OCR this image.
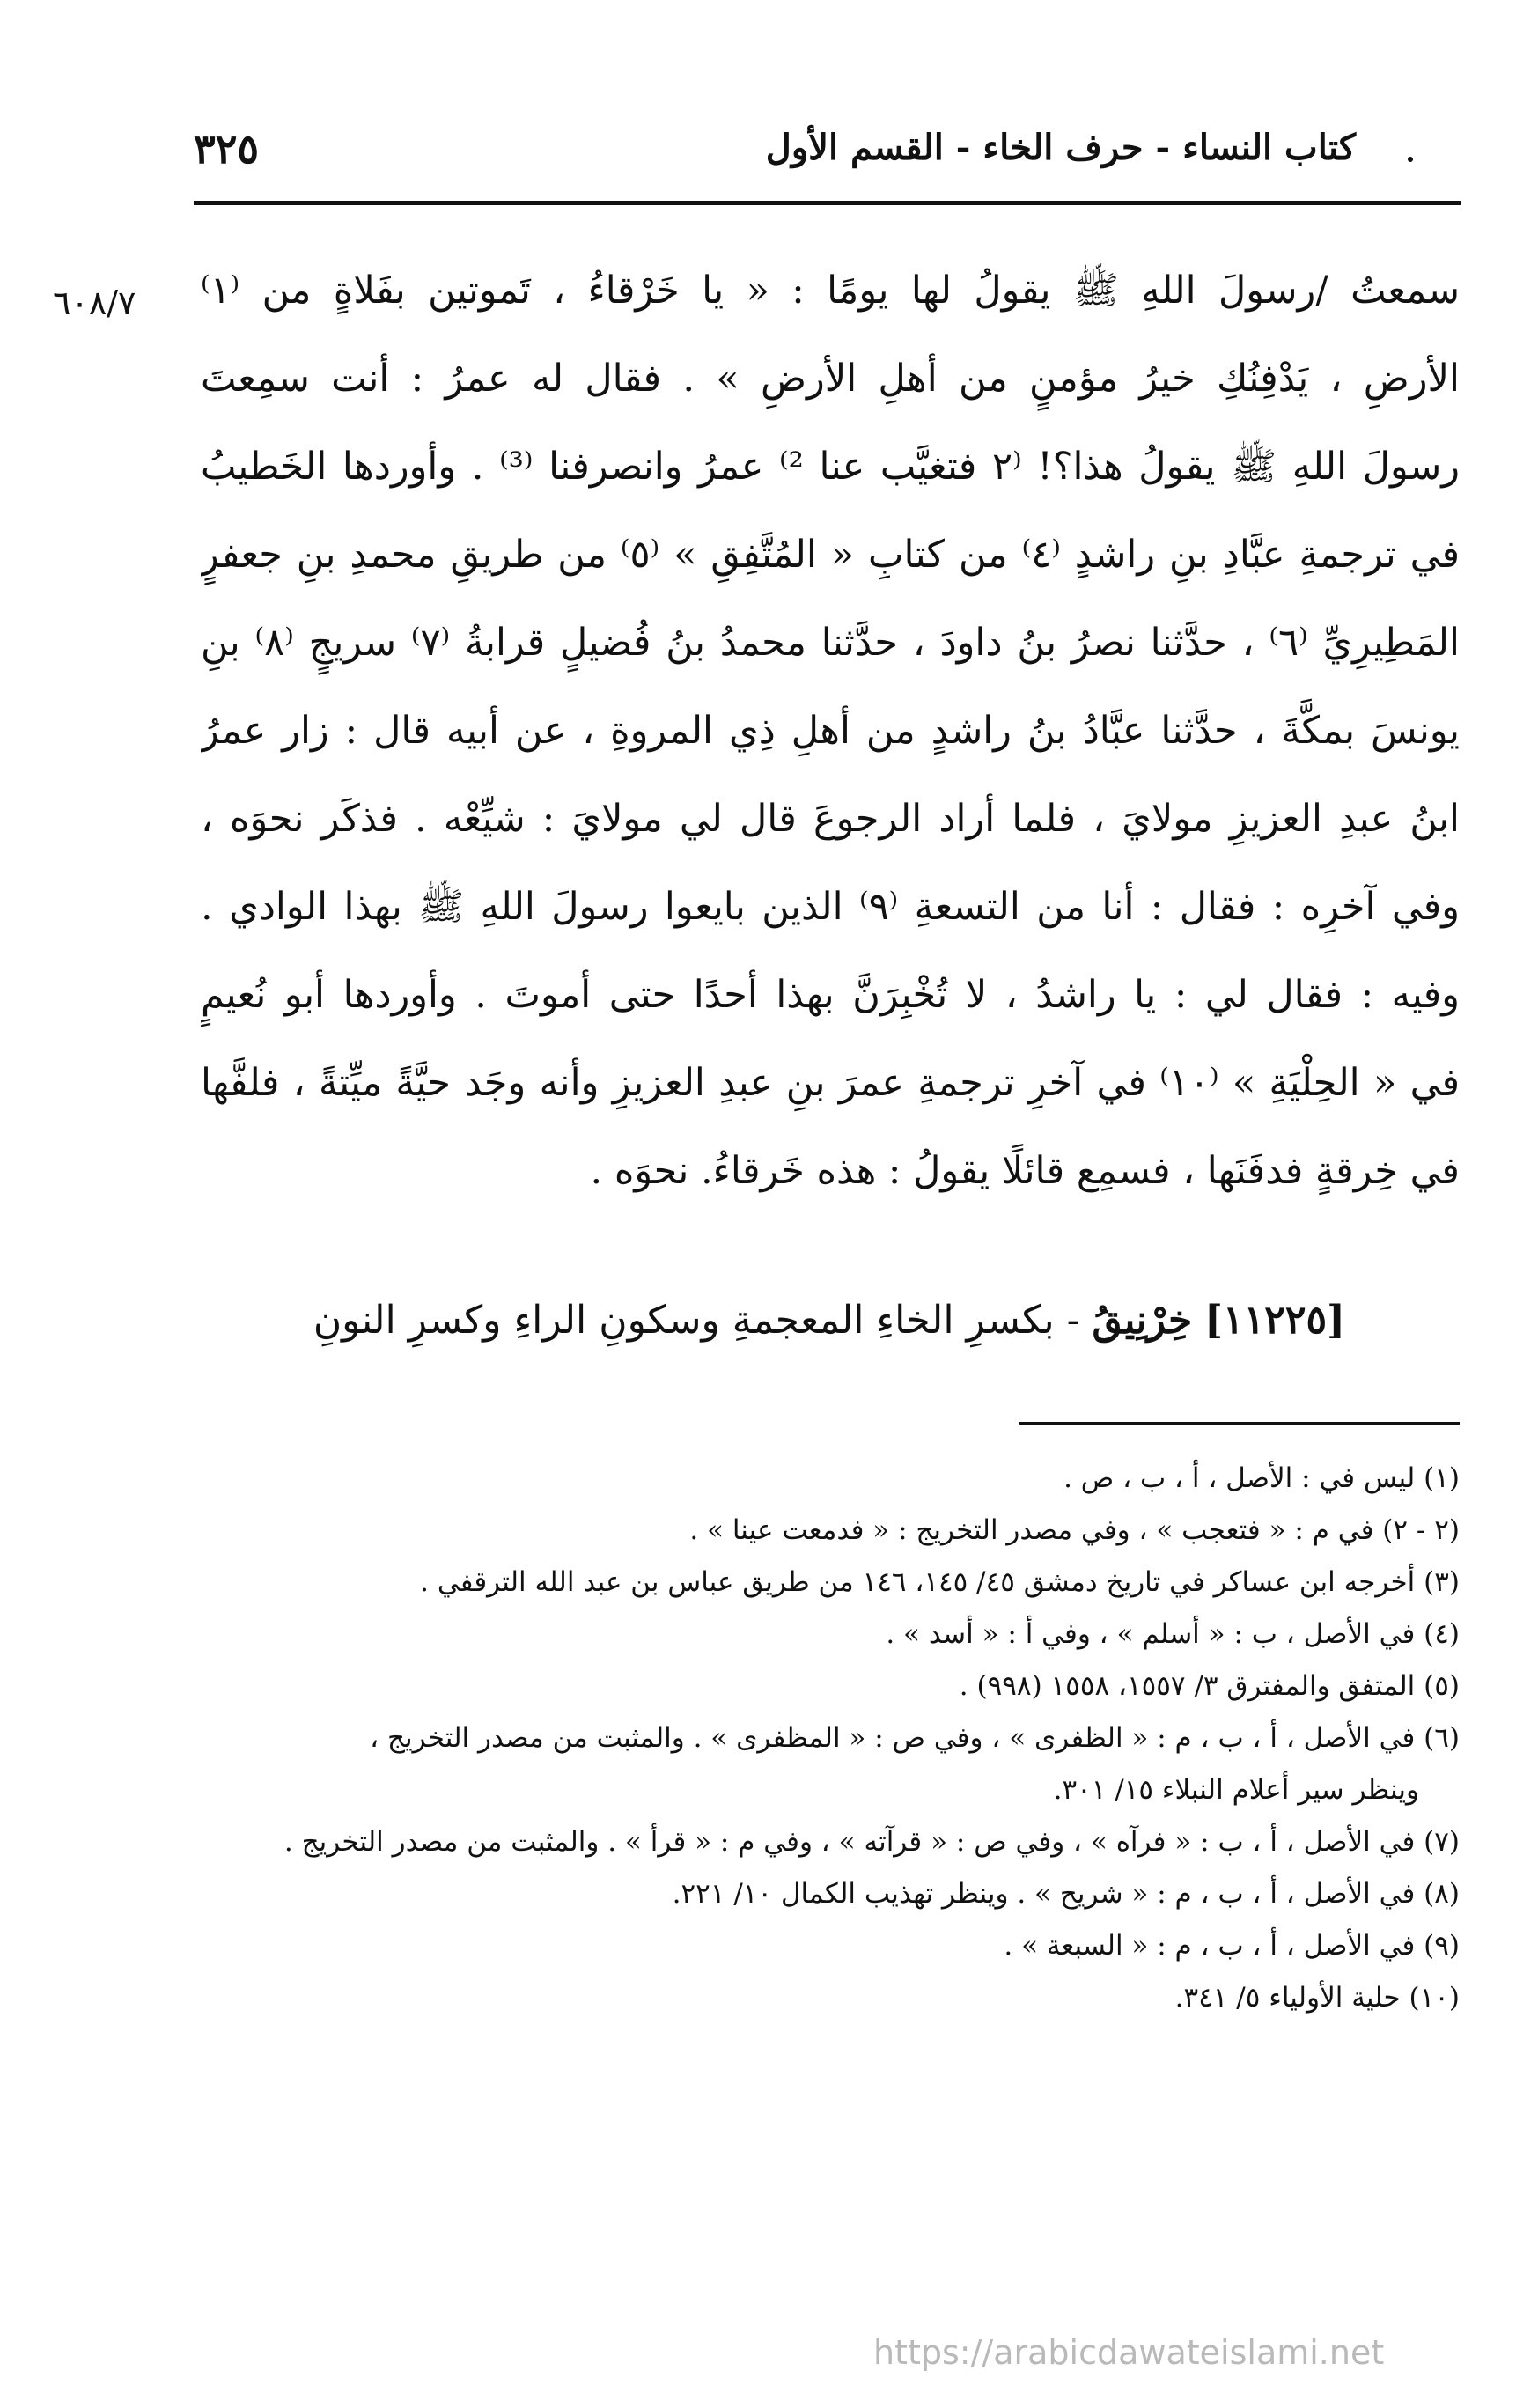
٣٢٥	كتاب النساء - حرف الخاء - القسم الأول
٦٠٨/٧ سمعتُ /رسولَ اللهِ ﷺ يقولُ لها يومًا : « يا خَرْقاءُ ، تَموتين بفَلاةٍ من ⁽١⁾
الأرضِ ، يَدْفِنُكِ خيرُ مؤمنٍ من أهلِ الأرضِ » . فقال له عمرُ : أنت سمِعتَ
رسولَ اللهِ ﷺ يقولُ هذا؟! ⁽٢ فتغيَّب عنا ²⁾ عمرُ وانصرفنا ⁽³⁾ . وأوردها الخَطيبُ
في ترجمةِ عبَّادِ بنِ راشدٍ ⁽٤⁾ من كتابِ « المُتَّفِقِ » ⁽٥⁾ من طريقِ محمدِ بنِ جعفرٍ
المَطِيرِيِّ ⁽٦⁾ ، حدَّثنا نصرُ بنُ داودَ ، حدَّثنا محمدُ بنُ فُضيلٍ قرابةُ ⁽٧⁾ سريجٍ ⁽٨⁾ بنِ
يونسَ بمكَّةَ ، حدَّثنا عبَّادُ بنُ راشدٍ من أهلِ ذِي المروةِ ، عن أبيه قال : زار عمرُ
ابنُ عبدِ العزيزِ مولايَ ، فلما أراد الرجوعَ قال لي مولايَ : شيِّعْه . فذكَر نحوَه ،
وفي آخرِه : فقال : أنا من التسعةِ ⁽٩⁾ الذين بايعوا رسولَ اللهِ ﷺ بهذا الوادي .
وفيه : فقال لي : يا راشدُ ، لا تُخْبِرَنَّ بهذا أحدًا حتى أموتَ . وأوردها أبو نُعيمٍ
في « الحِلْيَةِ » ⁽١٠⁾ في آخرِ ترجمةِ عمرَ بنِ عبدِ العزيزِ وأنه وجَد حيَّةً ميِّتةً ، فلفَّها
في خِرقةٍ فدفَنَها ، فسمِع قائلًا يقولُ : هذه خَرقاءُ. نحوَه .
[١١٢٢٥] خِرْنِيقُ - بكسرِ الخاءِ المعجمةِ وسكونِ الراءِ وكسرِ النونِ
(١) ليس في : الأصل ، أ ، ب ، ص .
(٢ - ٢) في م : « فتعجب » ، وفي مصدر التخريج : « فدمعت عينا » .
(٣) أخرجه ابن عساكر في تاريخ دمشق ٤٥/ ١٤٥، ١٤٦ من طريق عباس بن عبد الله الترقفي .
(٤) في الأصل ، ب : « أسلم » ، وفي أ : « أسد » .
(٥) المتفق والمفترق ٣/ ١٥٥٧، ١٥٥٨ (٩٩٨) .
(٦) في الأصل ، أ ، ب ، م : « الظفرى » ، وفي ص : « المظفرى » . والمثبت من مصدر التخريج ،
وينظر سير أعلام النبلاء ١٥/ ٣٠١.
(٧) في الأصل ، أ ، ب : « فرآه » ، وفي ص : « قرآته » ، وفي م : « قرأ » . والمثبت من مصدر التخريج .
(٨) في الأصل ، أ ، ب ، م : « شريح » . وينظر تهذيب الكمال ١٠/ ٢٢١.
(٩) في الأصل ، أ ، ب ، م : « السبعة » .
(١٠) حلية الأولياء ٥/ ٣٤١.
https://arabicdawateislami.net
